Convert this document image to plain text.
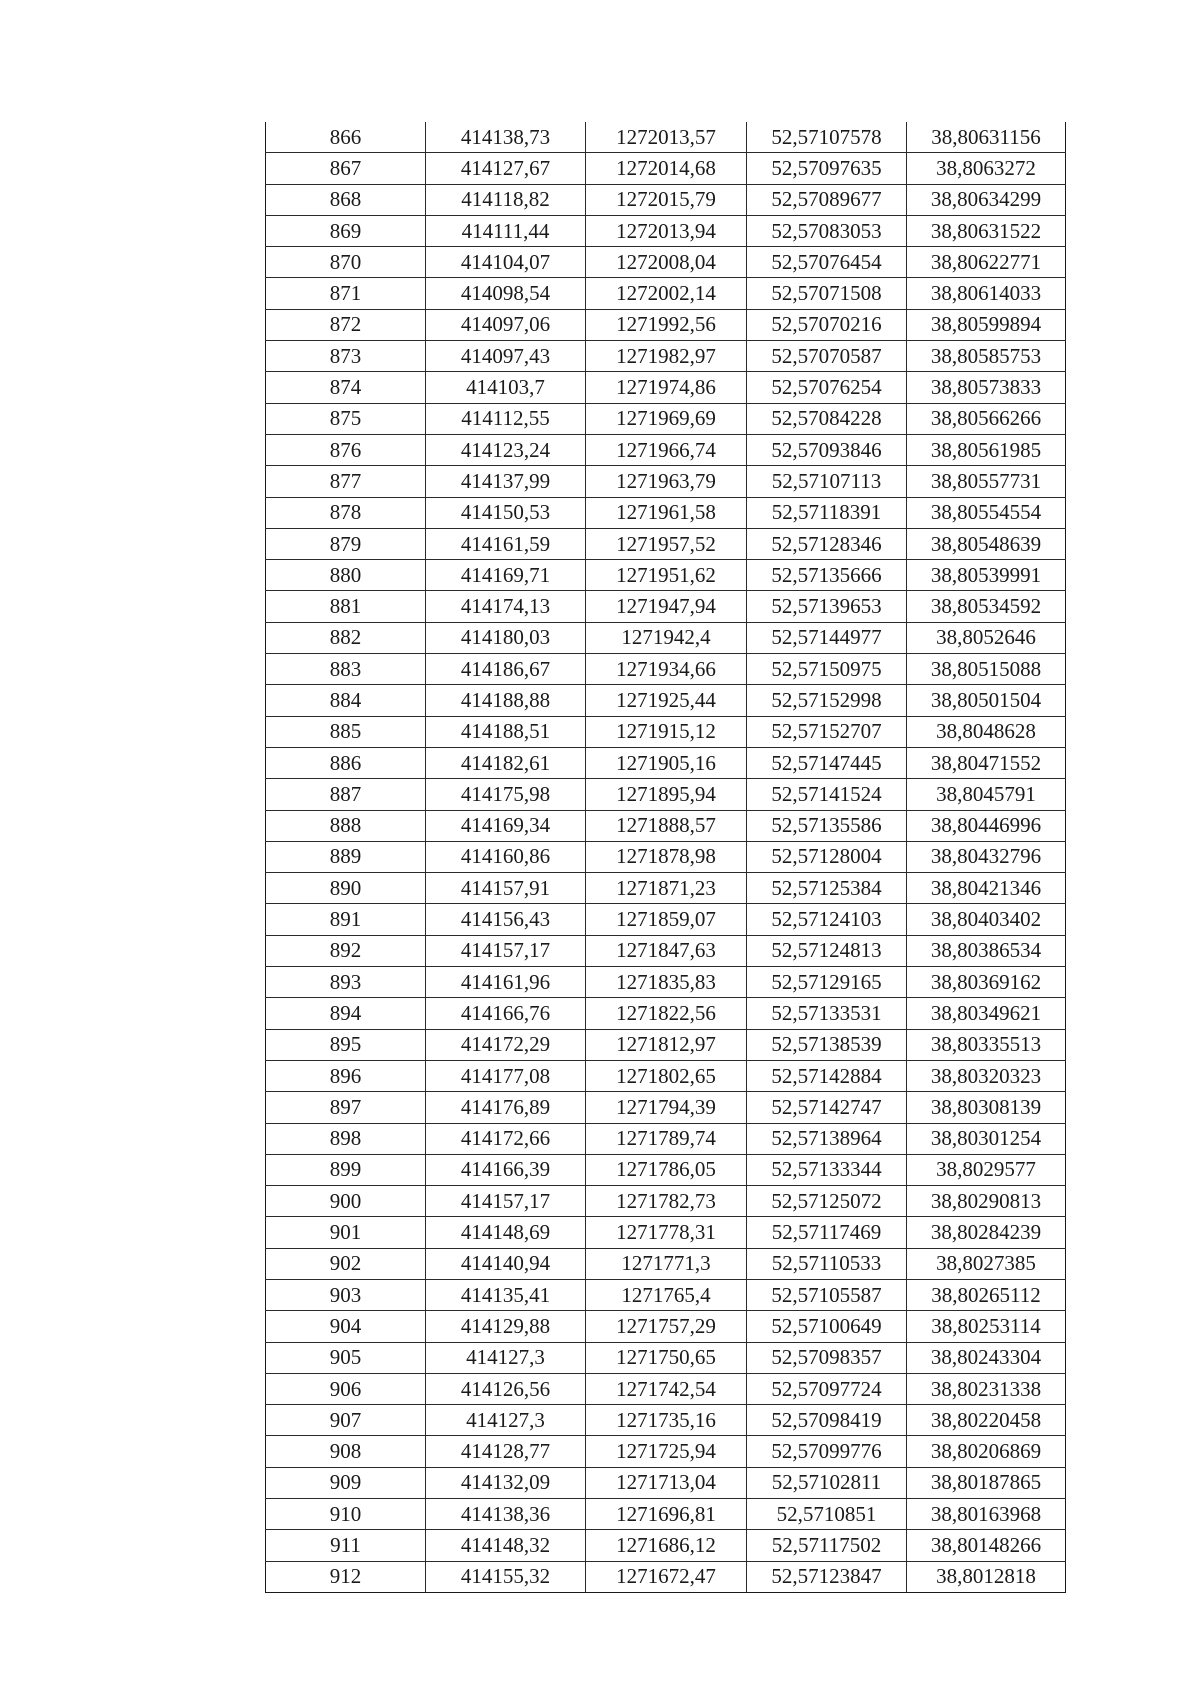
866	414138,73	1272013,57	52,57107578	38,80631156
867	414127,67	1272014,68	52,57097635	38,8063272
868	414118,82	1272015,79	52,57089677	38,80634299
869	414111,44	1272013,94	52,57083053	38,80631522
870	414104,07	1272008,04	52,57076454	38,80622771
871	414098,54	1272002,14	52,57071508	38,80614033
872	414097,06	1271992,56	52,57070216	38,80599894
873	414097,43	1271982,97	52,57070587	38,80585753
874	414103,7	1271974,86	52,57076254	38,80573833
875	414112,55	1271969,69	52,57084228	38,80566266
876	414123,24	1271966,74	52,57093846	38,80561985
877	414137,99	1271963,79	52,57107113	38,80557731
878	414150,53	1271961,58	52,57118391	38,80554554
879	414161,59	1271957,52	52,57128346	38,80548639
880	414169,71	1271951,62	52,57135666	38,80539991
881	414174,13	1271947,94	52,57139653	38,80534592
882	414180,03	1271942,4	52,57144977	38,8052646
883	414186,67	1271934,66	52,57150975	38,80515088
884	414188,88	1271925,44	52,57152998	38,80501504
885	414188,51	1271915,12	52,57152707	38,8048628
886	414182,61	1271905,16	52,57147445	38,80471552
887	414175,98	1271895,94	52,57141524	38,8045791
888	414169,34	1271888,57	52,57135586	38,80446996
889	414160,86	1271878,98	52,57128004	38,80432796
890	414157,91	1271871,23	52,57125384	38,80421346
891	414156,43	1271859,07	52,57124103	38,80403402
892	414157,17	1271847,63	52,57124813	38,80386534
893	414161,96	1271835,83	52,57129165	38,80369162
894	414166,76	1271822,56	52,57133531	38,80349621
895	414172,29	1271812,97	52,57138539	38,80335513
896	414177,08	1271802,65	52,57142884	38,80320323
897	414176,89	1271794,39	52,57142747	38,80308139
898	414172,66	1271789,74	52,57138964	38,80301254
899	414166,39	1271786,05	52,57133344	38,8029577
900	414157,17	1271782,73	52,57125072	38,80290813
901	414148,69	1271778,31	52,57117469	38,80284239
902	414140,94	1271771,3	52,57110533	38,8027385
903	414135,41	1271765,4	52,57105587	38,80265112
904	414129,88	1271757,29	52,57100649	38,80253114
905	414127,3	1271750,65	52,57098357	38,80243304
906	414126,56	1271742,54	52,57097724	38,80231338
907	414127,3	1271735,16	52,57098419	38,80220458
908	414128,77	1271725,94	52,57099776	38,80206869
909	414132,09	1271713,04	52,57102811	38,80187865
910	414138,36	1271696,81	52,5710851	38,80163968
911	414148,32	1271686,12	52,57117502	38,80148266
912	414155,32	1271672,47	52,57123847	38,8012818
